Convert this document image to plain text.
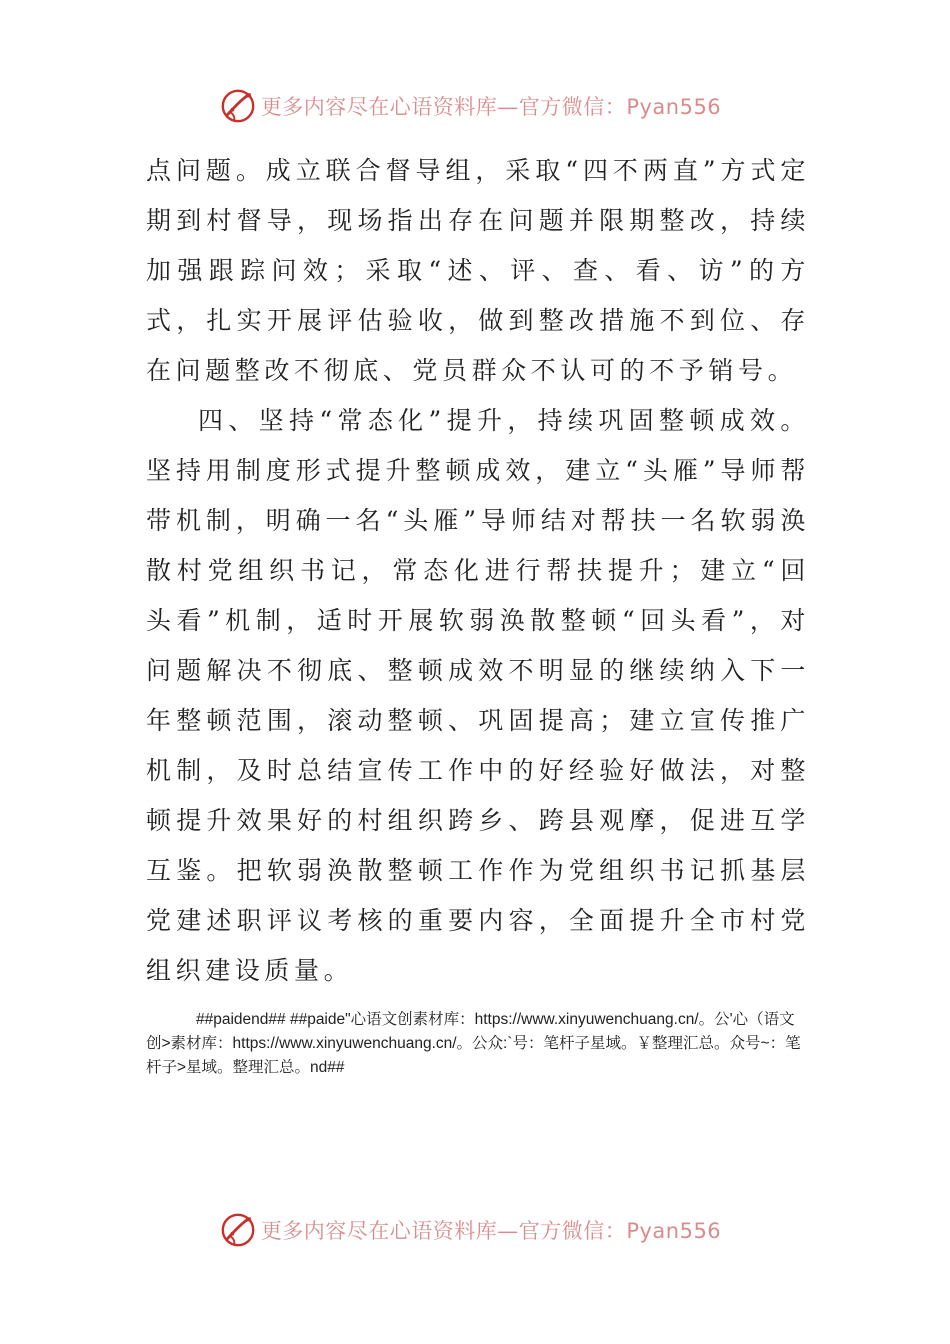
更多内容尽在心语资料库—官方微信：Pyan556

点问题。成立联合督导组，采取“四不两直”方式定期到村督导，现场指出存在问题并限期整改，持续加强跟踪问效；采取“述、评、查、看、访”的方式，扎实开展评估验收，做到整改措施不到位、存在问题整改不彻底、党员群众不认可的不予销号。

四、坚持“常态化”提升，持续巩固整顿成效。坚持用制度形式提升整顿成效，建立“头雁”导师帮带机制，明确一名“头雁”导师结对帮扶一名软弱涣散村党组织书记，常态化进行帮扶提升；建立“回头看”机制，适时开展软弱涣散整顿“回头看”，对问题解决不彻底、整顿成效不明显的继续纳入下一年整顿范围，滚动整顿、巩固提高；建立宣传推广机制，及时总结宣传工作中的好经验好做法，对整顿提升效果好的村组织跨乡、跨县观摩，促进互学互鉴。把软弱涣散整顿工作作为党组织书记抓基层党建述职评议考核的重要内容，全面提升全市村党组织建设质量。

##paidend## ##paide"心语文创素材库：https://www.xinyuwenchuang.cn/。公'心（语文创>素材库：https://www.xinyuwenchuang.cn/。公众:`号：笔杆子星域。￥整理汇总。众号~：笔杆子>星域。整理汇总。nd##

更多内容尽在心语资料库—官方微信：Pyan556
